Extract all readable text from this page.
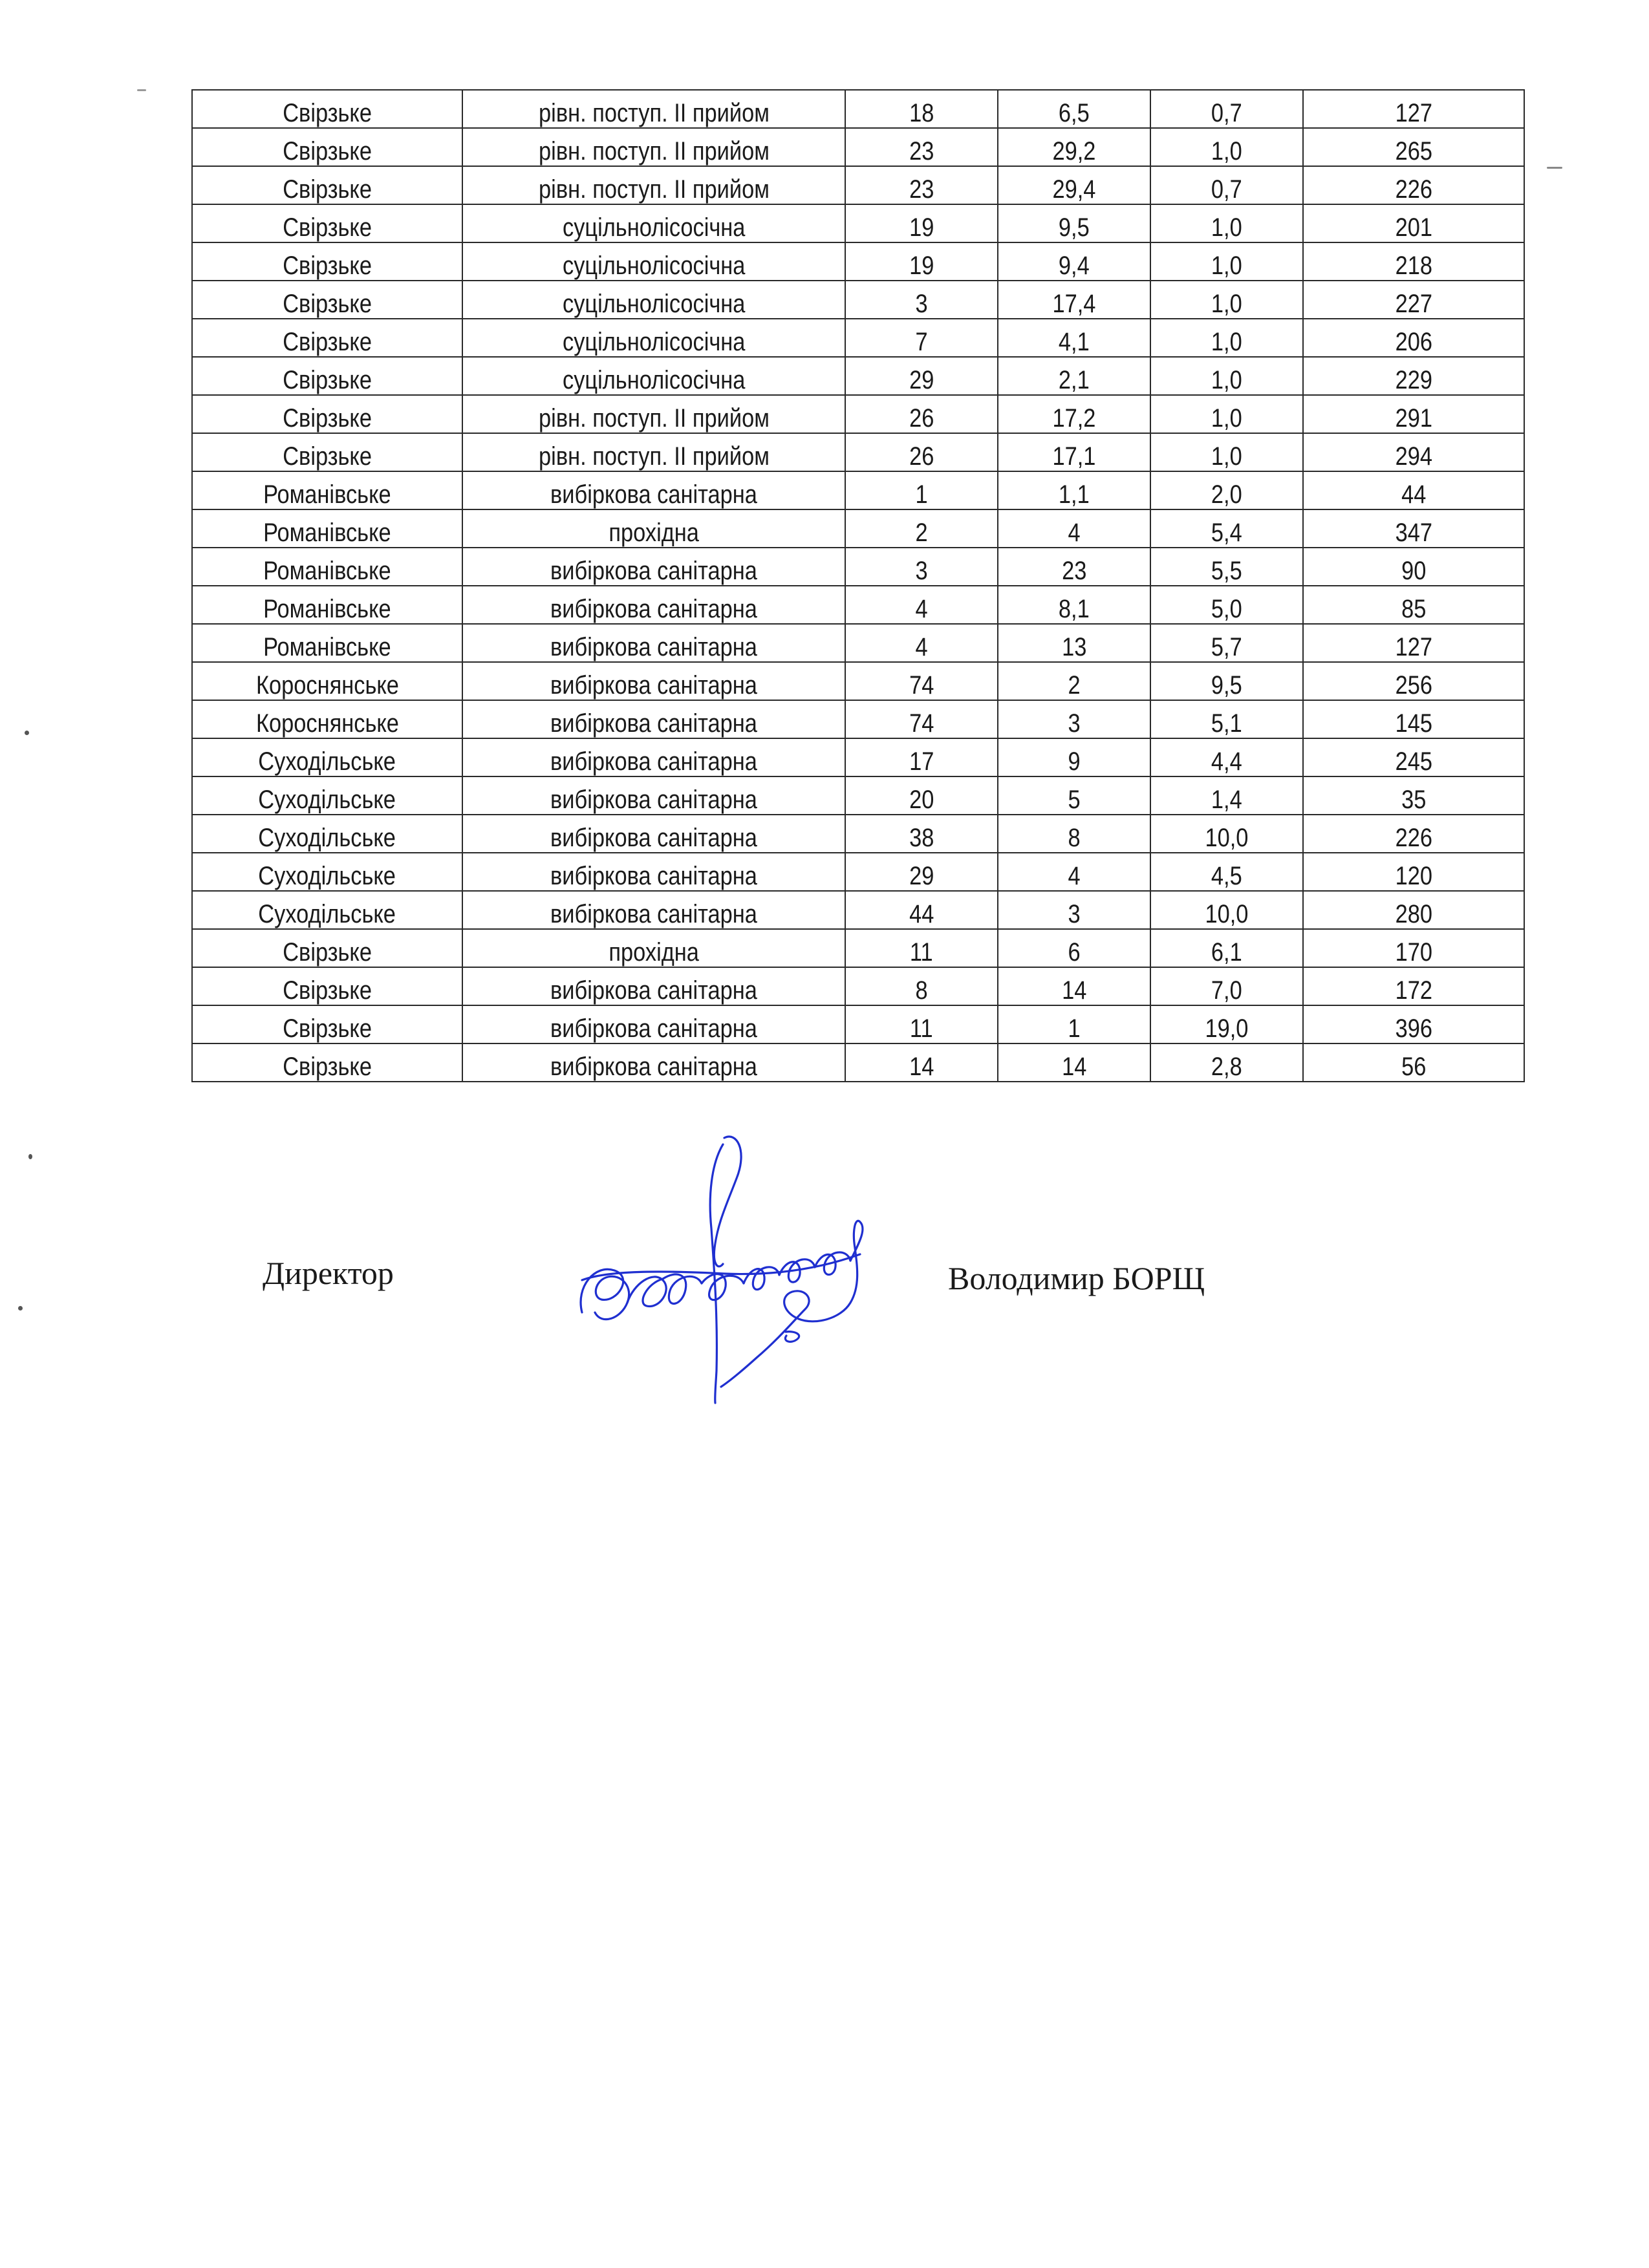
Свірзьке	рівн. поступ. ІІ прийом	18	6,5	0,7	127
Свірзьке	рівн. поступ. ІІ прийом	23	29,2	1,0	265
Свірзьке	рівн. поступ. ІІ прийом	23	29,4	0,7	226
Свірзьке	суцільнолісосічна	19	9,5	1,0	201
Свірзьке	суцільнолісосічна	19	9,4	1,0	218
Свірзьке	суцільнолісосічна	3	17,4	1,0	227
Свірзьке	суцільнолісосічна	7	4,1	1,0	206
Свірзьке	суцільнолісосічна	29	2,1	1,0	229
Свірзьке	рівн. поступ. ІІ прийом	26	17,2	1,0	291
Свірзьке	рівн. поступ. ІІ прийом	26	17,1	1,0	294
Романівське	вибіркова санітарна	1	1,1	2,0	44
Романівське	прохідна	2	4	5,4	347
Романівське	вибіркова санітарна	3	23	5,5	90
Романівське	вибіркова санітарна	4	8,1	5,0	85
Романівське	вибіркова санітарна	4	13	5,7	127
Короснянське	вибіркова санітарна	74	2	9,5	256
Короснянське	вибіркова санітарна	74	3	5,1	145
Суходільське	вибіркова санітарна	17	9	4,4	245
Суходільське	вибіркова санітарна	20	5	1,4	35
Суходільське	вибіркова санітарна	38	8	10,0	226
Суходільське	вибіркова санітарна	29	4	4,5	120
Суходільське	вибіркова санітарна	44	3	10,0	280
Свірзьке	прохідна	11	6	6,1	170
Свірзьке	вибіркова санітарна	8	14	7,0	172
Свірзьке	вибіркова санітарна	11	1	19,0	396
Свірзьке	вибіркова санітарна	14	14	2,8	56
Директор	Володимир БОРЩ
